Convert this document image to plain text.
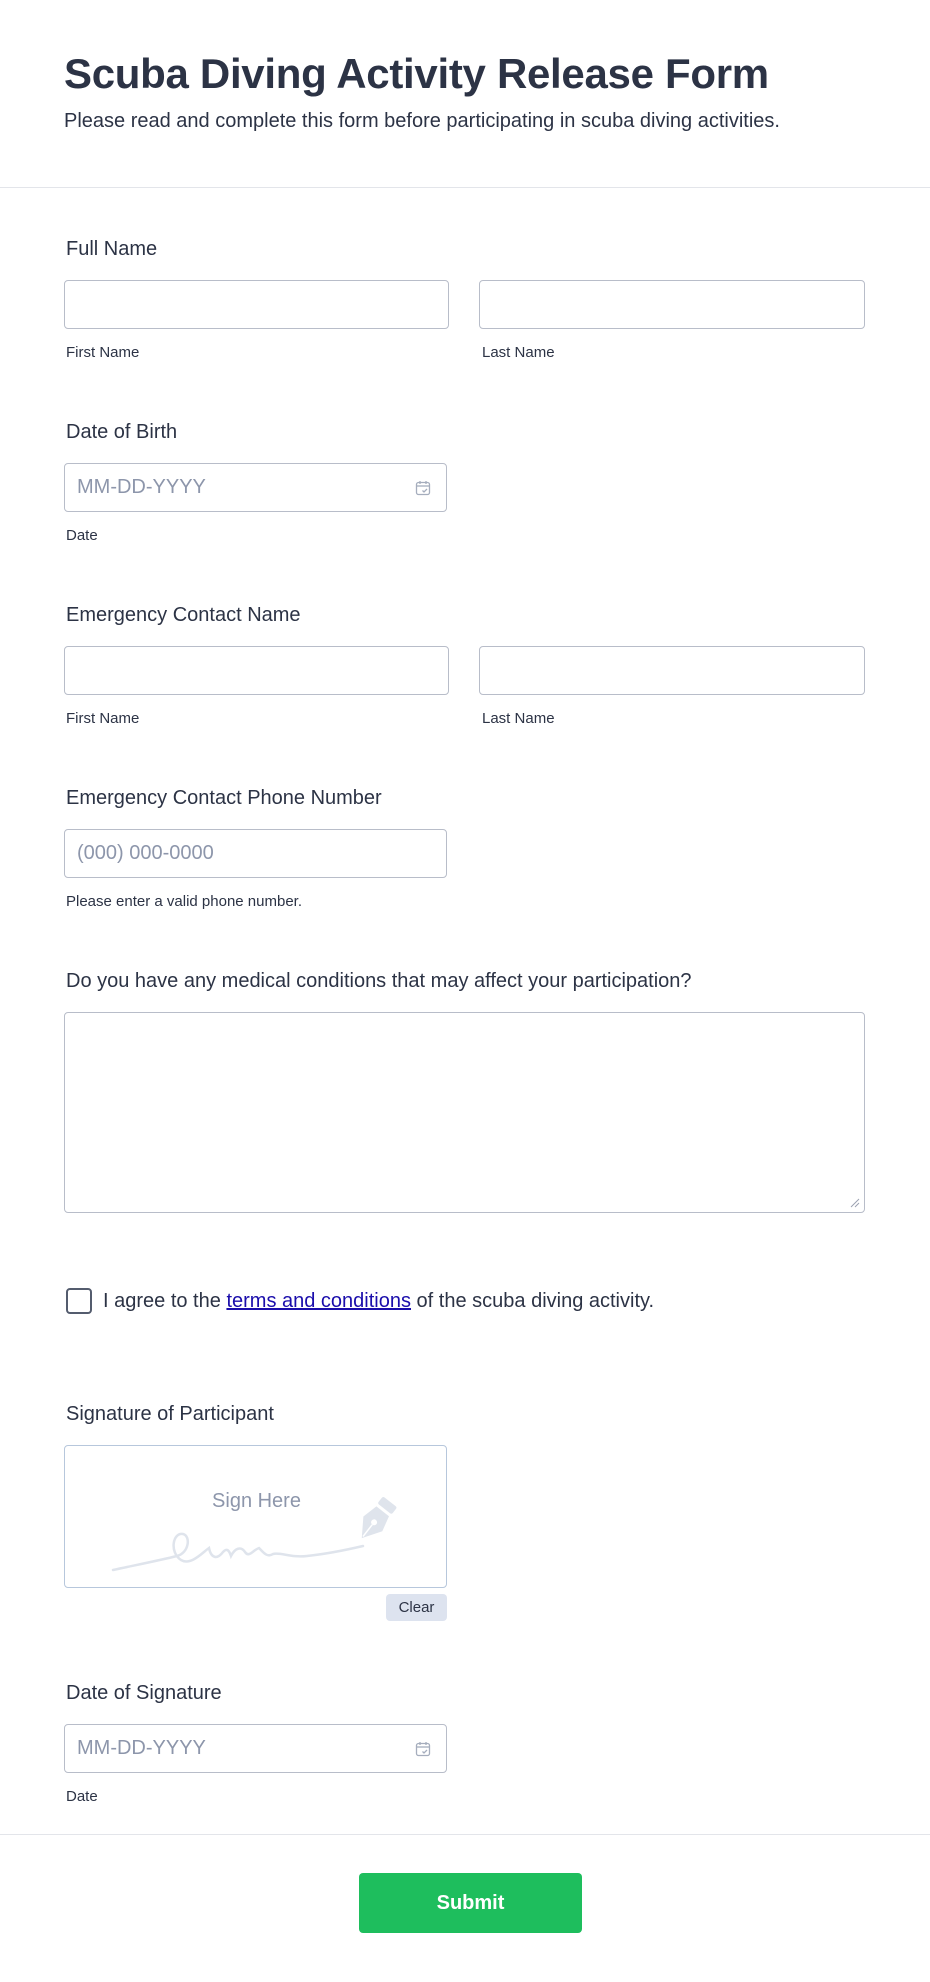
Scuba Diving Activity Release Form

Please read and complete this form before participating in scuba diving activities.

Full Name
First Name	Last Name
Date of Birth
MM-DD-YYYY
Date
Emergency Contact Name
First Name	Last Name
Emergency Contact Phone Number
(000) 000-0000
Please enter a valid phone number.
Do you have any medical conditions that may affect your participation?
I agree to the terms and conditions of the scuba diving activity.
Signature of Participant
Sign Here
Clear
Date of Signature
MM-DD-YYYY
Date
Submit
